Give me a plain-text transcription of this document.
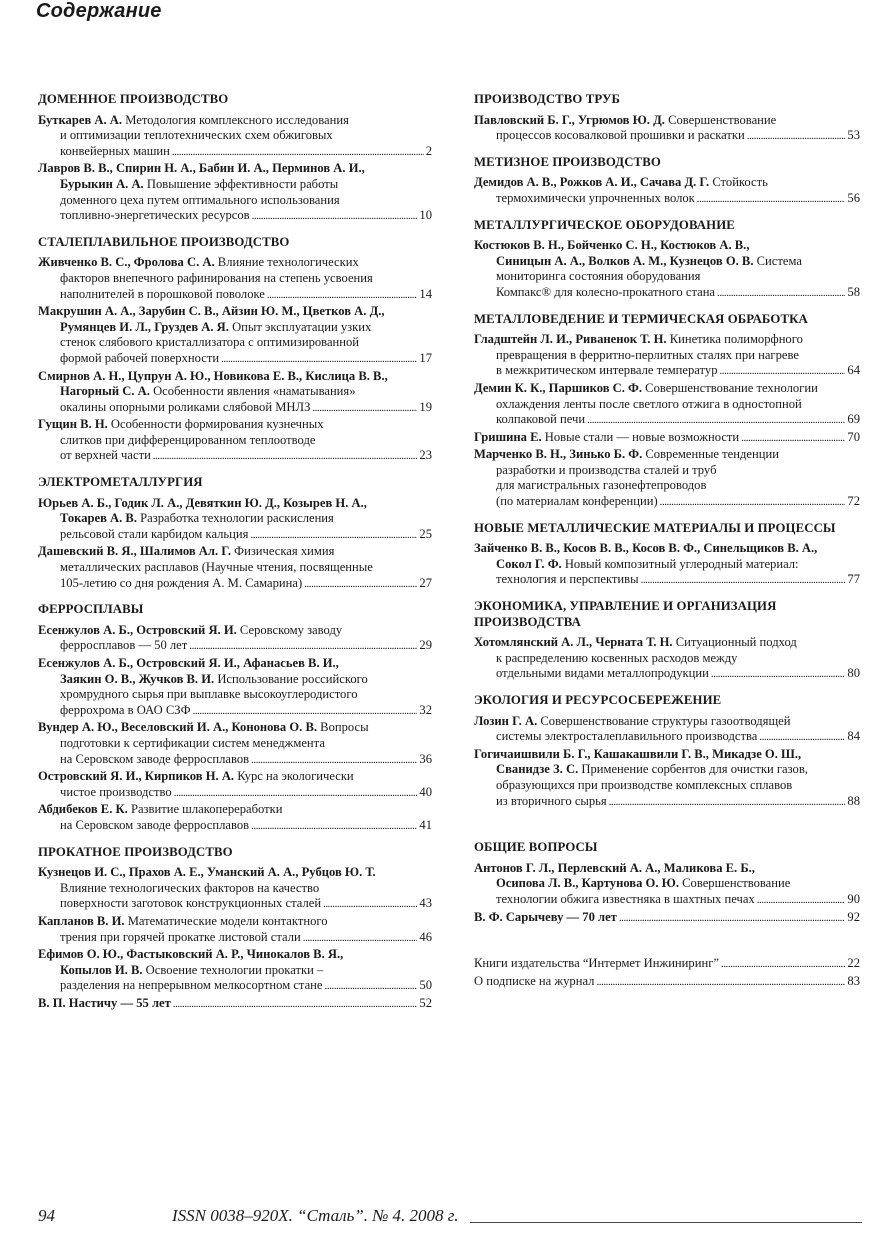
Содержание
ДОМЕННОЕ ПРОИЗВОДСТВО
Буткарев А. А. Методология комплексного исследования
и оптимизации теплотехнических схем обжиговых
конвейерных машин . . .	2
Лавров В. В., Спирин Н. А., Бабин И. А., Перминов А. И.,
Бурыкин А. А. Повышение эффективности работы
доменного цеха путем оптимального использования
топливно-энергетических ресурсов . . .	10
СТАЛЕПЛАВИЛЬНОЕ ПРОИЗВОДСТВО
Живченко В. С., Фролова С. А. Влияние технологических
факторов внепечного рафинирования на степень усвоения
наполнителей в порошковой поволоке . . .	14
Макрушин А. А., Зарубин С. В., Айзин Ю. М., Цветков А. Д.,
Румянцев И. Л., Груздев А. Я. Опыт эксплуатации узких
стенок слябового кристаллизатора с оптимизированной
формой рабочей поверхности . . .	17
Смирнов А. Н., Цупрун А. Ю., Новикова Е. В., Кислица В. В.,
Нагорный С. А. Особенности явления «наматывания»
окалины опорными роликами слябовой МНЛЗ . . .	19
Гущин В. Н. Особенности формирования кузнечных
слитков при дифференцированном теплоотводе
от верхней части . . .	23
ЭЛЕКТРОМЕТАЛЛУРГИЯ
Юрьев А. Б., Годик Л. А., Девяткин Ю. Д., Козырев Н. А.,
Токарев А. В. Разработка технологии раскисления
рельсовой стали карбидом кальция . . .	25
Дашевский В. Я., Шалимов Ал. Г. Физическая химия
металлических расплавов (Научные чтения, посвященные
105-летию со дня рождения А. М. Самарина) . . .	27
ФЕРРОСПЛАВЫ
Есенжулов А. Б., Островский Я. И. Серовскому заводу
ферросплавов — 50 лет . . .	29
Есенжулов А. Б., Островский Я. И., Афанасьев В. И.,
Заякин О. В., Жучков В. И. Использование российского
хромрудного сырья при выплавке высокоуглеродистого
феррохрома в ОАО СЗФ . . .	32
Вундер А. Ю., Веселовский И. А., Кононова О. В. Вопросы
подготовки к сертификации систем менеджмента
на Серовском заводе ферросплавов . . .	36
Островский Я. И., Кирпиков Н. А. Курс на экологически
чистое производство . . .	40
Абдибеков Е. К. Развитие шлакопереработки
на Серовском заводе ферросплавов . . .	41
ПРОКАТНОЕ ПРОИЗВОДСТВО
Кузнецов И. С., Прахов А. Е., Уманский А. А., Рубцов Ю. Т.
Влияние технологических факторов на качество
поверхности заготовок конструкционных сталей . . .	43
Капланов В. И. Математические модели контактного
трения при горячей прокатке листовой стали . . .	46
Ефимов О. Ю., Фастыковский А. Р., Чинокалов В. Я.,
Копылов И. В. Освоение технологии прокатки –
разделения на непрерывном мелкосортном стане . . .	50
В. П. Настичу — 55 лет . . .	52
ПРОИЗВОДСТВО ТРУБ
Павловский Б. Г., Угрюмов Ю. Д. Совершенствование
процессов косовалковой прошивки и раскатки . . .	53
МЕТИЗНОЕ ПРОИЗВОДСТВО
Демидов А. В., Рожков А. И., Сачава Д. Г. Стойкость
термохимически упрочненных волок . . .	56
МЕТАЛЛУРГИЧЕСКОЕ ОБОРУДОВАНИЕ
Костюков В. Н., Бойченко С. Н., Костюков А. В.,
Синицын А. А., Волков А. М., Кузнецов О. В. Система
мониторинга состояния оборудования
Компакс® для колесно-прокатного стана . . .	58
МЕТАЛЛОВЕДЕНИЕ И ТЕРМИЧЕСКАЯ ОБРАБОТКА
Гладштейн Л. И., Риваненок Т. Н. Кинетика полиморфного
превращения в ферритно-перлитных сталях при нагреве
в межкритическом интервале температур . . .	64
Демин К. К., Паршиков С. Ф. Совершенствование технологии
охлаждения ленты после светлого отжига в одностопной
колпаковой печи . . .	69
Гришина Е. Новые стали — новые возможности . . .	70
Марченко В. Н., Зинько Б. Ф. Современные тенденции
разработки и производства сталей и труб
для магистральных газонефтепроводов
(по материалам конференции) . . .	72
НОВЫЕ МЕТАЛЛИЧЕСКИЕ МАТЕРИАЛЫ И ПРОЦЕССЫ
Зайченко В. В., Косов В. В., Косов В. Ф., Синельщиков В. А.,
Сокол Г. Ф. Новый композитный углеродный материал:
технология и перспективы . . .	77
ЭКОНОМИКА, УПРАВЛЕНИЕ И ОРГАНИЗАЦИЯ ПРОИЗВОДСТВА
Хотомлянский А. Л., Черната Т. Н. Ситуационный подход
к распределению косвенных расходов между
отдельными видами металлопродукции . . .	80
ЭКОЛОГИЯ И РЕСУРСОСБЕРЕЖЕНИЕ
Лозин Г. А. Совершенствование структуры газоотводящей
системы электросталеплавильного производства . . .	84
Гогичаишвили Б. Г., Кашакашвили Г. В., Микадзе О. Ш.,
Сванидзе З. С. Применение сорбентов для очистки газов,
образующихся при производстве комплексных сплавов
из вторичного сырья . . .	88
ОБЩИЕ ВОПРОСЫ
Антонов Г. Л., Перлевский А. А., Маликова Е. Б.,
Осипова Л. В., Картунова О. Ю. Совершенствование
технологии обжига известняка в шахтных печах . . .	90
В. Ф. Сарычеву — 70 лет . . .	92
Книги издательства “Интермет Инжиниринг” . . .	22
О подписке на журнал . . .	83
94	ISSN 0038–920X. “Сталь”. № 4. 2008 г.
